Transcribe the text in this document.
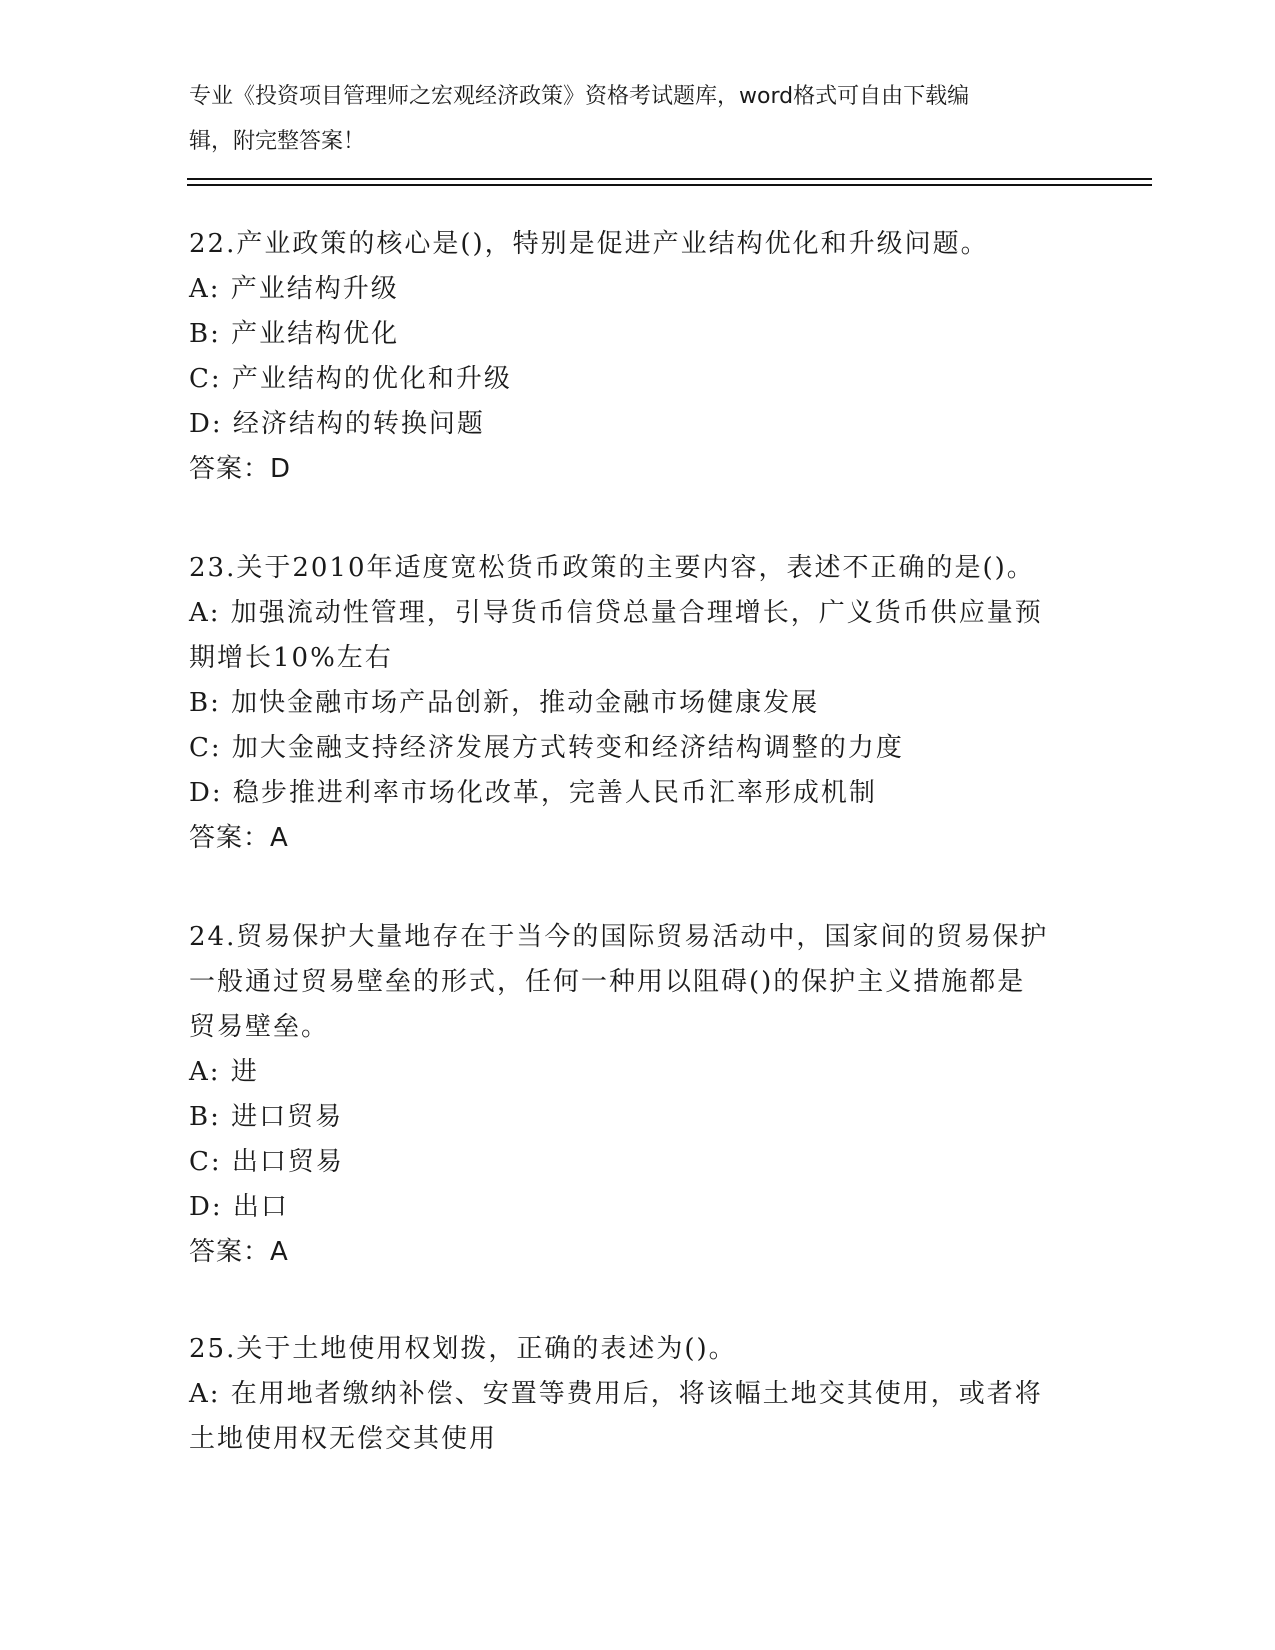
专业《投资项目管理师之宏观经济政策》资格考试题库，word格式可自由下载编
辑，附完整答案！
22.产业政策的核心是()，特别是促进产业结构优化和升级问题。
A: 产业结构升级
B: 产业结构优化
C: 产业结构的优化和升级
D: 经济结构的转换问题
答案：D
23.关于2010年适度宽松货币政策的主要内容，表述不正确的是()。
A: 加强流动性管理，引导货币信贷总量合理增长，广义货币供应量预
期增长10%左右
B: 加快金融市场产品创新，推动金融市场健康发展
C: 加大金融支持经济发展方式转变和经济结构调整的力度
D: 稳步推进利率市场化改革，完善人民币汇率形成机制
答案：A
24.贸易保护大量地存在于当今的国际贸易活动中，国家间的贸易保护
一般通过贸易壁垒的形式，任何一种用以阻碍()的保护主义措施都是
贸易壁垒。
A: 进
B: 进口贸易
C: 出口贸易
D: 出口
答案：A
25.关于土地使用权划拨，正确的表述为()。
A: 在用地者缴纳补偿、安置等费用后，将该幅土地交其使用，或者将
土地使用权无偿交其使用
